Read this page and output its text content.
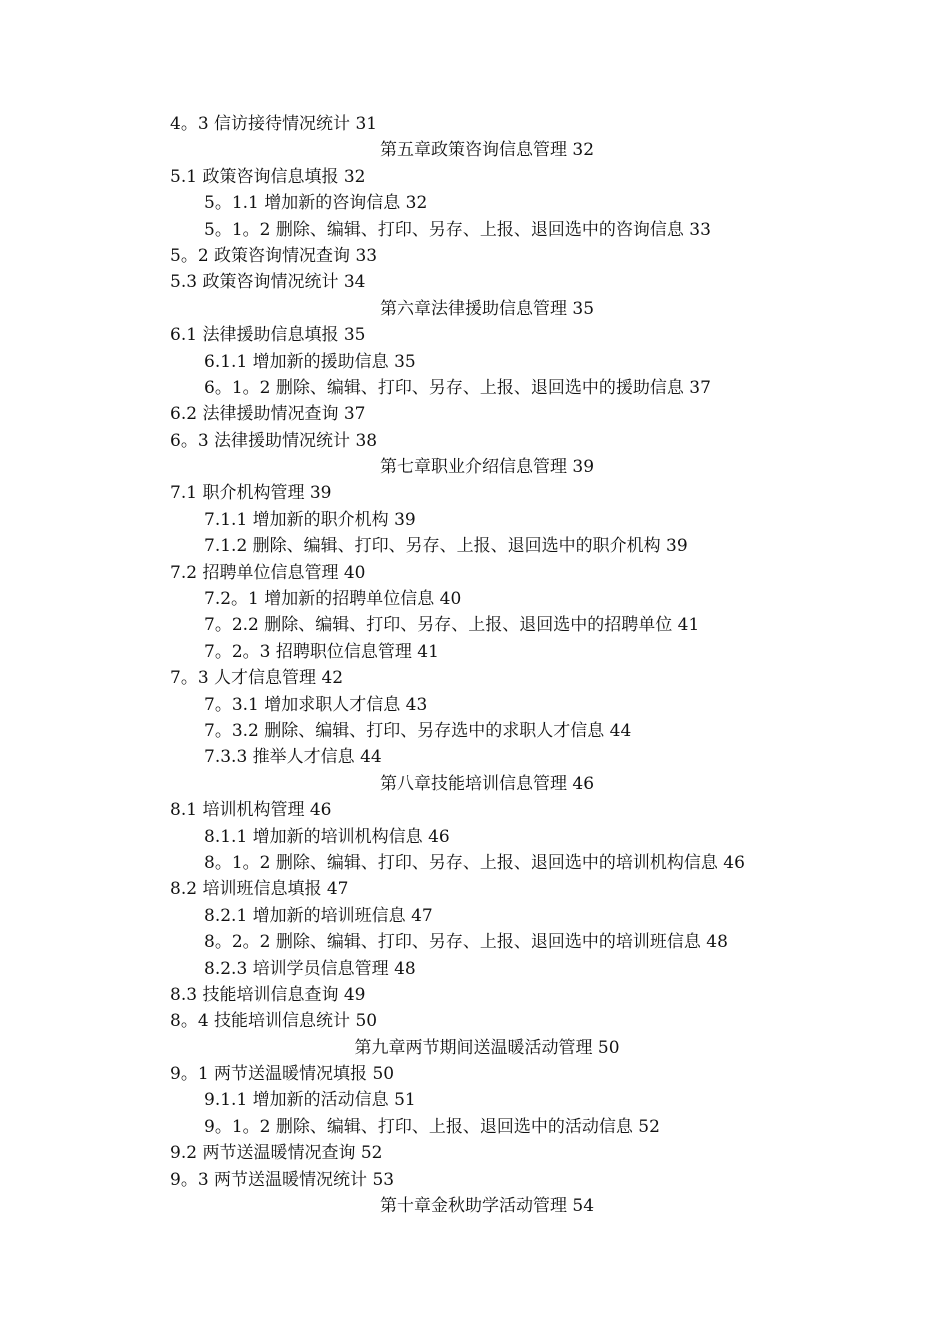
4。3 信访接待情况统计 31
第五章政策咨询信息管理 32
5.1 政策咨询信息填报 32
5。1.1 增加新的咨询信息 32
5。1。2 删除、编辑、打印、另存、上报、退回选中的咨询信息 33
5。2 政策咨询情况查询 33
5.3 政策咨询情况统计 34
第六章法律援助信息管理 35
6.1 法律援助信息填报 35
6.1.1 增加新的援助信息 35
6。1。2 删除、编辑、打印、另存、上报、退回选中的援助信息 37
6.2 法律援助情况查询 37
6。3 法律援助情况统计 38
第七章职业介绍信息管理 39
7.1 职介机构管理 39
7.1.1 增加新的职介机构 39
7.1.2 删除、编辑、打印、另存、上报、退回选中的职介机构 39
7.2 招聘单位信息管理 40
7.2。1 增加新的招聘单位信息 40
7。2.2 删除、编辑、打印、另存、上报、退回选中的招聘单位 41
7。2。3 招聘职位信息管理 41
7。3 人才信息管理 42
7。3.1 增加求职人才信息 43
7。3.2 删除、编辑、打印、另存选中的求职人才信息 44
7.3.3 推举人才信息 44
第八章技能培训信息管理 46
8.1 培训机构管理 46
8.1.1 增加新的培训机构信息 46
8。1。2 删除、编辑、打印、另存、上报、退回选中的培训机构信息 46
8.2 培训班信息填报 47
8.2.1 增加新的培训班信息 47
8。2。2 删除、编辑、打印、另存、上报、退回选中的培训班信息 48
8.2.3 培训学员信息管理 48
8.3 技能培训信息查询 49
8。4 技能培训信息统计 50
第九章两节期间送温暖活动管理 50
9。1 两节送温暖情况填报 50
9.1.1 增加新的活动信息 51
9。1。2 删除、编辑、打印、上报、退回选中的活动信息 52
9.2 两节送温暖情况查询 52
9。3 两节送温暖情况统计 53
第十章金秋助学活动管理 54
